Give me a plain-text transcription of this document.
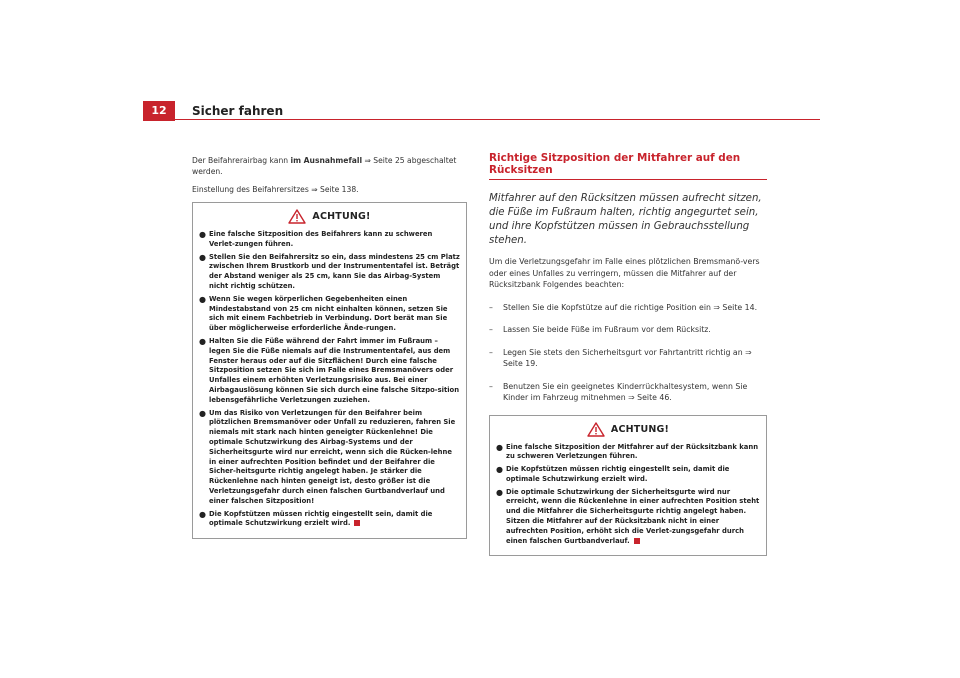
12	Sicher fahren

Der Beifahrerairbag kann im Ausnahmefall ⇒ Seite 25 abgeschaltet werden.

Einstellung des Beifahrersitzes ⇒ Seite 138.

ACHTUNG!
● Eine falsche Sitzposition des Beifahrers kann zu schweren Verlet-zungen führen.
● Stellen Sie den Beifahrersitz so ein, dass mindestens 25 cm Platz zwischen Ihrem Brustkorb und der Instrumententafel ist. Beträgt der Abstand weniger als 25 cm, kann Sie das Airbag-System nicht richtig schützen.
● Wenn Sie wegen körperlichen Gegebenheiten einen Mindestabstand von 25 cm nicht einhalten können, setzen Sie sich mit einem Fachbetrieb in Verbindung. Dort berät man Sie über möglicherweise erforderliche Ände-rungen.
● Halten Sie die Füße während der Fahrt immer im Fußraum – legen Sie die Füße niemals auf die Instrumententafel, aus dem Fenster heraus oder auf die Sitzflächen! Durch eine falsche Sitzposition setzen Sie sich im Falle eines Bremsmanövers oder Unfalles einem erhöhten Verletzungsrisiko aus. Bei einer Airbagauslösung können Sie sich durch eine falsche Sitzpo-sition lebensgefährliche Verletzungen zuziehen.
● Um das Risiko von Verletzungen für den Beifahrer beim plötzlichen Bremsmanöver oder Unfall zu reduzieren, fahren Sie niemals mit stark nach hinten geneigter Rückenlehne! Die optimale Schutzwirkung des Airbag-Systems und der Sicherheitsgurte wird nur erreicht, wenn sich die Rücken-lehne in einer aufrechten Position befindet und der Beifahrer die Sicher-heitsgurte richtig angelegt haben. Je stärker die Rückenlehne nach hinten geneigt ist, desto größer ist die Verletzungsgefahr durch einen falschen Gurtbandverlauf und einer falschen Sitzposition!
● Die Kopfstützen müssen richtig eingestellt sein, damit die optimale Schutzwirkung erzielt wird.
Richtige Sitzposition der Mitfahrer auf den Rücksitzen
Mitfahrer auf den Rücksitzen müssen aufrecht sitzen, die Füße im Fußraum halten, richtig angegurtet sein, und ihre Kopfstützen müssen in Gebrauchsstellung stehen.

Um die Verletzungsgefahr im Falle eines plötzlichen Bremsmanö-vers oder eines Unfalles zu verringern, müssen die Mitfahrer auf der Rücksitzbank Folgendes beachten:

–	Stellen Sie die Kopfstütze auf die richtige Position ein ⇒ Seite 14.
–	Lassen Sie beide Füße im Fußraum vor dem Rücksitz.
–	Legen Sie stets den Sicherheitsgurt vor Fahrtantritt richtig an ⇒ Seite 19.
–	Benutzen Sie ein geeignetes Kinderrückhaltesystem, wenn Sie Kinder im Fahrzeug mitnehmen ⇒ Seite 46.
ACHTUNG!
● Eine falsche Sitzposition der Mitfahrer auf der Rücksitzbank kann zu schweren Verletzungen führen.
● Die Kopfstützen müssen richtig eingestellt sein, damit die optimale Schutzwirkung erzielt wird.
● Die optimale Schutzwirkung der Sicherheitsgurte wird nur erreicht, wenn die Rückenlehne in einer aufrechten Position steht und die Mitfahrer die Sicherheitsgurte richtig angelegt haben. Sitzen die Mitfahrer auf der Rücksitzbank nicht in einer aufrechten Position, erhöht sich die Verlet-zungsgefahr durch einen falschen Gurtbandverlauf.
